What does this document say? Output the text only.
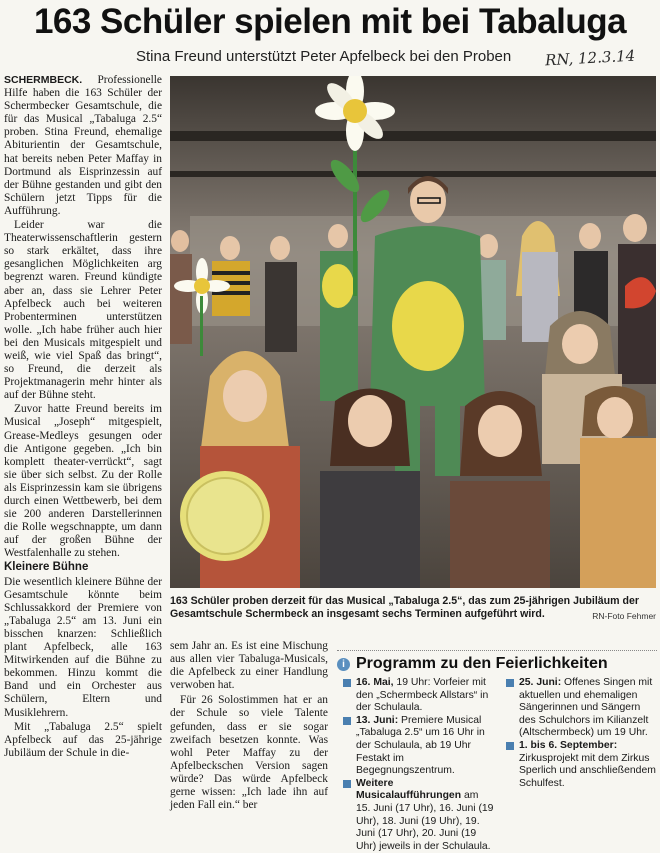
163 Schüler spielen mit bei Tabaluga
Stina Freund unterstützt Peter Apfelbeck bei den Proben RN, 12.3.14

SCHERMBECK. Professionelle Hilfe haben die 163 Schüler der Schermbecker Gesamtschule, die für das Musical „Tabaluga 2.5“ proben. Stina Freund, ehemalige Abiturientin der Gesamtschule, hat bereits neben Peter Maffay in Dortmund als Eisprinzessin auf der Bühne gestanden und gibt den Schülern jetzt Tipps für die Aufführung.

Leider war die Theaterwissenschaftlerin gestern so stark erkältet, dass ihre gesanglichen Möglichkeiten arg begrenzt waren. Freund kündigte aber an, dass sie Lehrer Peter Apfelbeck auch bei weiteren Probenterminen unterstützen wolle. „Ich habe früher auch hier bei den Musicals mitgespielt und weiß, wie viel Spaß das bringt“, so Freund, die derzeit als Projektmanagerin mehr hinter als auf der Bühne steht.

Zuvor hatte Freund bereits im Musical „Joseph“ mitgespielt, Grease-Medleys gesungen oder die Antigone gegeben. „Ich bin komplett theater-verrückt“, sagt sie über sich selbst. Zu der Rolle als Eisprinzessin kam sie übrigens durch einen Wettbewerb, bei dem sie 200 anderen Darstellerinnen die Rolle wegschnappte, um dann auf der großen Bühne der Westfalenhalle zu stehen.

Kleinere Bühne

Die wesentlich kleinere Bühne der Gesamtschule könnte beim Schlussakkord der Premiere von „Tabaluga 2.5“ am 13. Juni ein bisschen knarzen: Schließlich plant Apfelbeck, alle 163 Mitwirkenden auf die Bühne zu bekommen. Hinzu kommt die Band und ein Orchester aus Schülern, Eltern und Musiklehrern.

Mit „Tabaluga 2.5“ spielt Apfelbeck auf das 25-jährige Jubiläum der Schule in die-

163 Schüler proben derzeit für das Musical „Tabaluga 2.5“, das zum 25-jährigen Jubiläum der Gesamtschule Schermbeck an insgesamt sechs Terminen aufgeführt wird.	RN-Foto Fehmer

sem Jahr an. Es ist eine Mischung aus allen vier Tabaluga-Musicals, die Apfelbeck zu einer Handlung verwoben hat.

Für 26 Solostimmen hat er an der Schule so viele Talente gefunden, dass er sie sogar zweifach besetzen konnte. Was wohl Peter Maffay zu der Apfelbeckschen Version sagen würde? Das würde Apfelbeck gerne wissen: „Ich lade ihn auf jeden Fall ein.“ ber

i Programm zu den Feierlichkeiten
16. Mai, 19 Uhr: Vorfeier mit den „Schermbeck Allstars“ in der Schulaula.
13. Juni: Premiere Musical „Tabaluga 2.5“ um 16 Uhr in der Schulaula, ab 19 Uhr Festakt im Begegnungszentrum.
Weitere Musicalaufführungen am 15. Juni (17 Uhr), 16. Juni (19 Uhr), 18. Juni (19 Uhr), 19. Juni (17 Uhr), 20. Juni (19 Uhr) jeweils in der Schulaula.
25. Juni: Offenes Singen mit aktuellen und ehemaligen Sängerinnen und Sängern des Schulchors im Kilianzelt (Altschermbeck) um 19 Uhr.
1. bis 6. September: Zirkusprojekt mit dem Zirkus Sperlich und anschließendem Schulfest.
